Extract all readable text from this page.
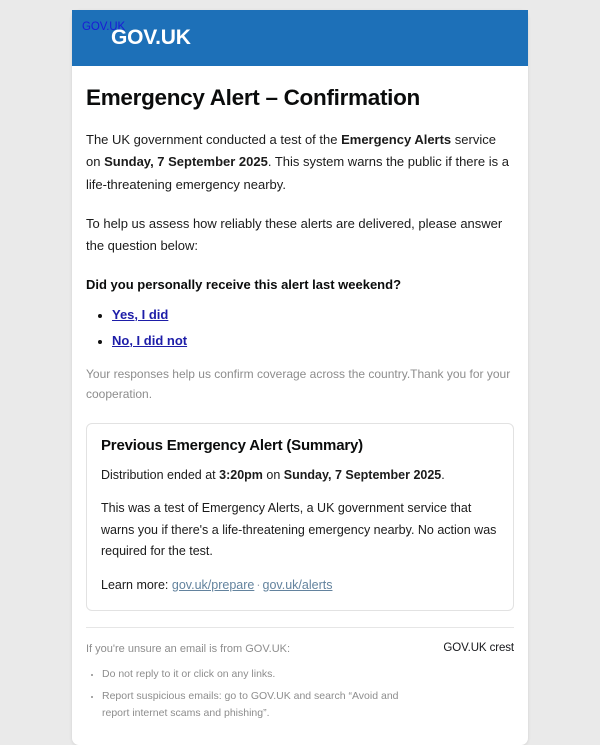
GOV.UK
GOV.UK
Emergency Alert – Confirmation

The UK government conducted a test of the Emergency Alerts service on Sunday, 7 September 2025. This system warns the public if there is a life-threatening emergency nearby.

To help us assess how reliably these alerts are delivered, please answer the question below:

Did you personally receive this alert last weekend?

• Yes, I did
• No, I did not

Your responses help us confirm coverage across the country.Thank you for your cooperation.

Previous Emergency Alert (Summary)

Distribution ended at 3:20pm on Sunday, 7 September 2025.

This was a test of Emergency Alerts, a UK government service that warns you if there's a life-threatening emergency nearby. No action was required for the test.

Learn more: gov.uk/prepare · gov.uk/alerts

If you're unsure an email is from GOV.UK:

• Do not reply to it or click on any links.
• Report suspicious emails: go to GOV.UK and search “Avoid and report internet scams and phishing”.
GOV.UK crest
